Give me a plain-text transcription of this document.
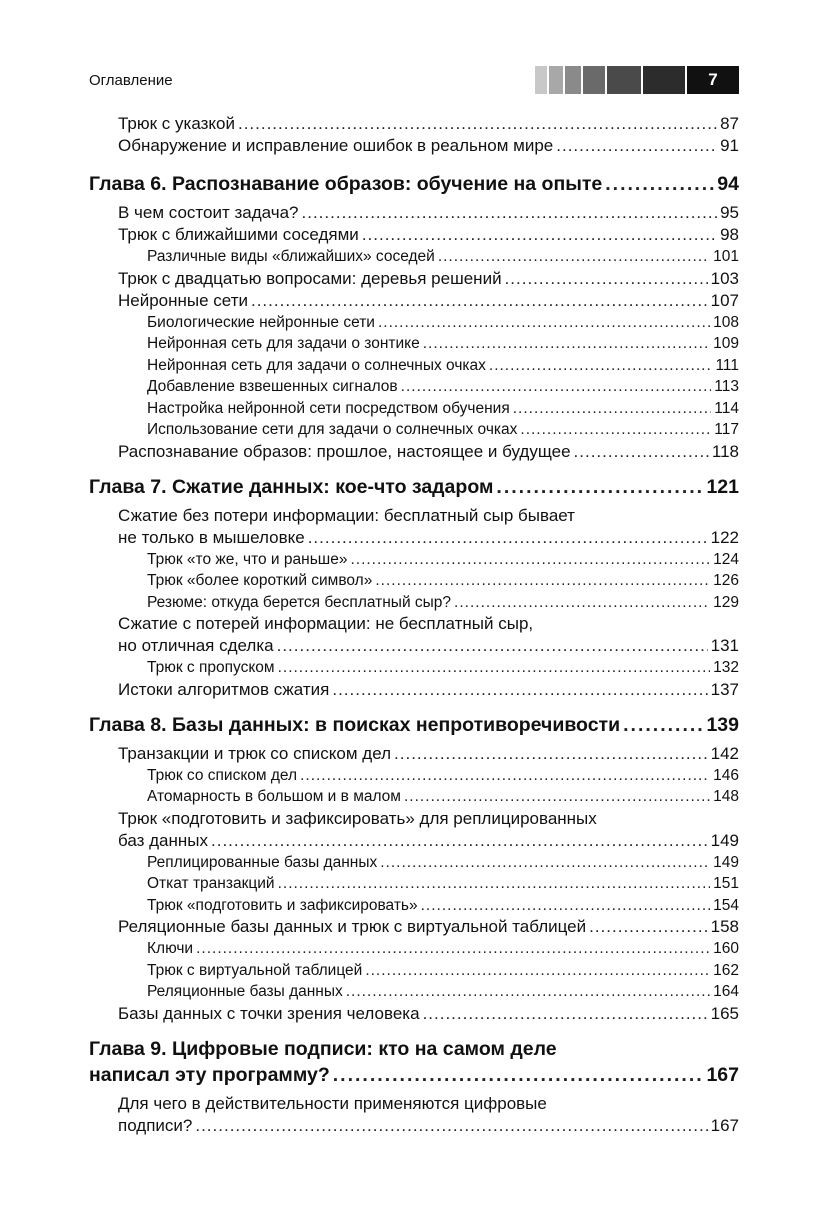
Оглавление	7
Трюк с указкой .....	87
Обнаружение и исправление ошибок в реальном мире .....	91
Глава 6. Распознавание образов: обучение на опыте .....	94
В чем состоит задача? .....	95
Трюк с ближайшими соседями .....	98
Различные виды «ближайших» соседей .....	101
Трюк с двадцатью вопросами: деревья решений .....	103
Нейронные сети .....	107
Биологические нейронные сети .....	108
Нейронная сеть для задачи о зонтике .....	109
Нейронная сеть для задачи о солнечных очках .....	111
Добавление взвешенных сигналов .....	113
Настройка нейронной сети посредством обучения .....	114
Использование сети для задачи о солнечных очках .....	117
Распознавание образов: прошлое, настоящее и будущее .....	118
Глава 7. Сжатие данных: кое-что задаром .....	121
Сжатие без потери информации: бесплатный сыр бывает
не только в мышеловке .....	122
Трюк «то же, что и раньше» .....	124
Трюк «более короткий символ» .....	126
Резюме: откуда берется бесплатный сыр? .....	129
Сжатие с потерей информации: не бесплатный сыр,
но отличная сделка .....	131
Трюк с пропуском .....	132
Истоки алгоритмов сжатия .....	137
Глава 8. Базы данных: в поисках непротиворечивости .....	139
Транзакции и трюк со списком дел .....	142
Трюк со списком дел .....	146
Атомарность в большом и в малом .....	148
Трюк «подготовить и зафиксировать» для реплицированных
баз данных .....	149
Реплицированные базы данных .....	149
Откат транзакций .....	151
Трюк «подготовить и зафиксировать» .....	154
Реляционные базы данных и трюк с виртуальной таблицей .....	158
Ключи .....	160
Трюк с виртуальной таблицей .....	162
Реляционные базы данных .....	164
Базы данных с точки зрения человека .....	165
Глава 9. Цифровые подписи: кто на самом деле
написал эту программу? .....	167
Для чего в действительности применяются цифровые
подписи? .....	167
